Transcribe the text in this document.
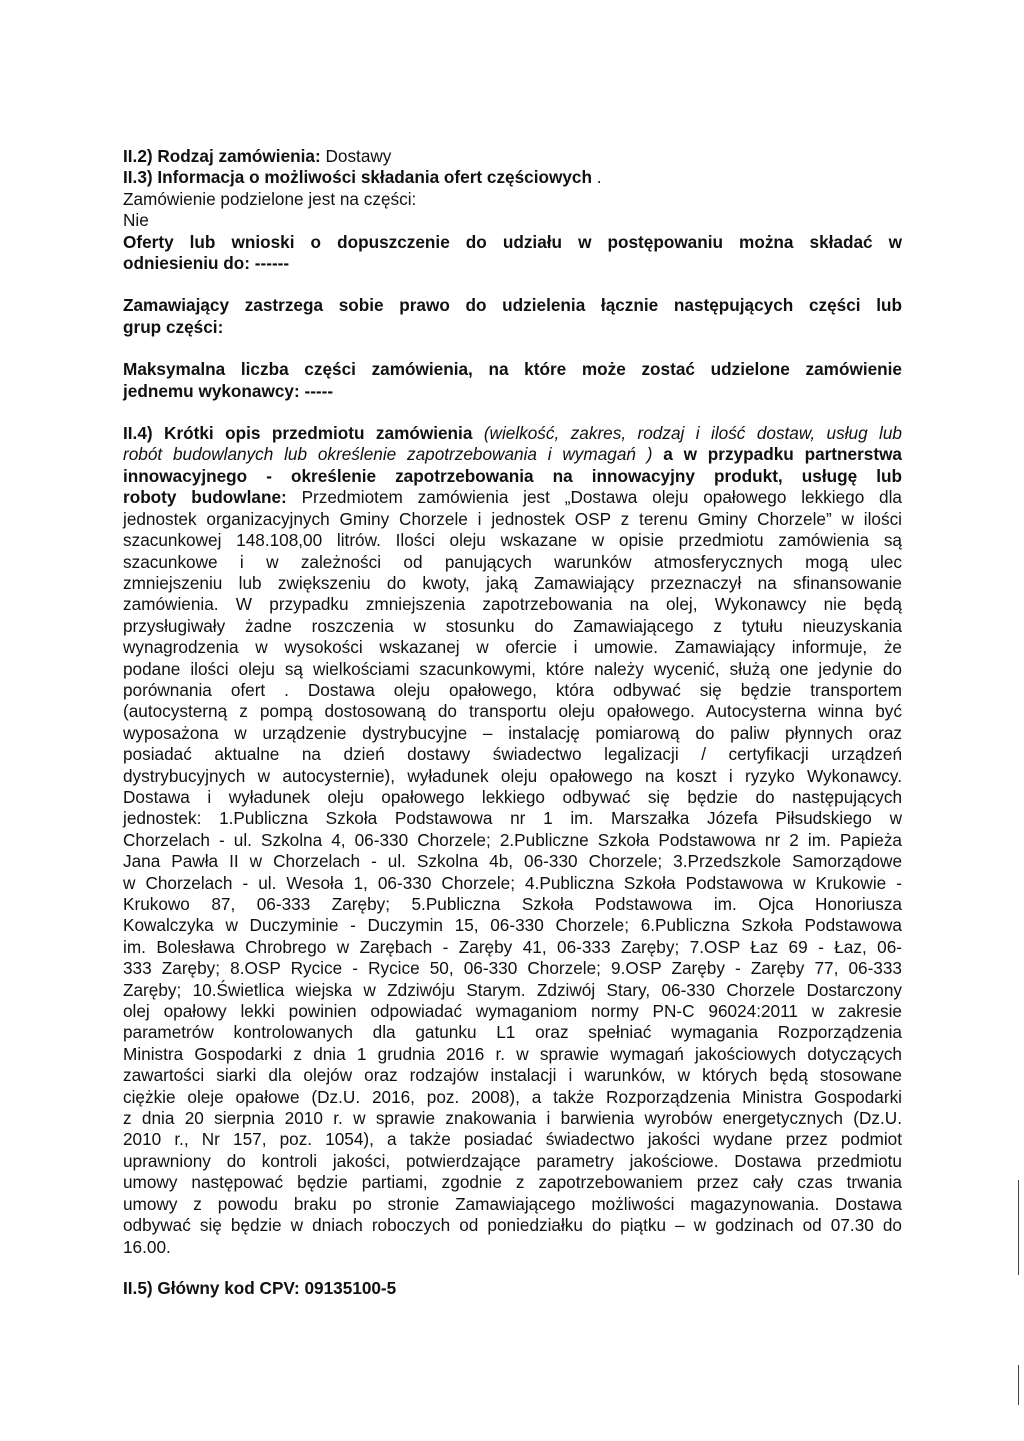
II.2) Rodzaj zamówienia: Dostawy
II.3) Informacja o możliwości składania ofert częściowych .
Zamówienie podzielone jest na części:
Nie
Oferty lub wnioski o dopuszczenie do udziału w postępowaniu można składać w
odniesieniu do: ------
Zamawiający zastrzega sobie prawo do udzielenia łącznie następujących części lub
grup części:
Maksymalna liczba części zamówienia, na które może zostać udzielone zamówienie
jednemu wykonawcy: -----
II.4) Krótki opis przedmiotu zamówienia (wielkość, zakres, rodzaj i ilość dostaw, usług lub
robót budowlanych lub określenie zapotrzebowania i wymagań ) a w przypadku partnerstwa
innowacyjnego - określenie zapotrzebowania na innowacyjny produkt, usługę lub
roboty budowlane: Przedmiotem zamówienia jest „Dostawa oleju opałowego lekkiego dla
jednostek organizacyjnych Gminy Chorzele i jednostek OSP z terenu Gminy Chorzele” w ilości
szacunkowej 148.108,00 litrów. Ilości oleju wskazane w opisie przedmiotu zamówienia są
szacunkowe i w zależności od panujących warunków atmosferycznych mogą ulec
zmniejszeniu lub zwiększeniu do kwoty, jaką Zamawiający przeznaczył na sfinansowanie
zamówienia. W przypadku zmniejszenia zapotrzebowania na olej, Wykonawcy nie będą
przysługiwały żadne roszczenia w stosunku do Zamawiającego z tytułu nieuzyskania
wynagrodzenia w wysokości wskazanej w ofercie i umowie. Zamawiający informuje, że
podane ilości oleju są wielkościami szacunkowymi, które należy wycenić, służą one jedynie do
porównania ofert . Dostawa oleju opałowego, która odbywać się będzie transportem
(autocysterną z pompą dostosowaną do transportu oleju opałowego. Autocysterna winna być
wyposażona w urządzenie dystrybucyjne – instalację pomiarową do paliw płynnych oraz
posiadać aktualne na dzień dostawy świadectwo legalizacji / certyfikacji urządzeń
dystrybucyjnych w autocysternie), wyładunek oleju opałowego na koszt i ryzyko Wykonawcy.
Dostawa i wyładunek oleju opałowego lekkiego odbywać się będzie do następujących
jednostek: 1.Publiczna Szkoła Podstawowa nr 1 im. Marszałka Józefa Piłsudskiego w
Chorzelach - ul. Szkolna 4, 06-330 Chorzele; 2.Publiczne Szkoła Podstawowa nr 2 im. Papieża
Jana Pawła II w Chorzelach - ul. Szkolna 4b, 06-330 Chorzele; 3.Przedszkole Samorządowe
w Chorzelach - ul. Wesoła 1, 06-330 Chorzele; 4.Publiczna Szkoła Podstawowa w Krukowie -
Krukowo 87, 06-333 Zaręby; 5.Publiczna Szkoła Podstawowa im. Ojca Honoriusza
Kowalczyka w Duczyminie - Duczymin 15, 06-330 Chorzele; 6.Publiczna Szkoła Podstawowa
im. Bolesława Chrobrego w Zarębach - Zaręby 41, 06-333 Zaręby; 7.OSP Łaz 69 - Łaz, 06-
333 Zaręby; 8.OSP Rycice - Rycice 50, 06-330 Chorzele; 9.OSP Zaręby - Zaręby 77, 06-333
Zaręby; 10.Świetlica wiejska w Zdziwóju Starym. Zdziwój Stary, 06-330 Chorzele Dostarczony
olej opałowy lekki powinien odpowiadać wymaganiom normy PN-C 96024:2011 w zakresie
parametrów kontrolowanych dla gatunku L1 oraz spełniać wymagania Rozporządzenia
Ministra Gospodarki z dnia 1 grudnia 2016 r. w sprawie wymagań jakościowych dotyczących
zawartości siarki dla olejów oraz rodzajów instalacji i warunków, w których będą stosowane
ciężkie oleje opałowe (Dz.U. 2016, poz. 2008), a także Rozporządzenia Ministra Gospodarki
z dnia 20 sierpnia 2010 r. w sprawie znakowania i barwienia wyrobów energetycznych (Dz.U.
2010 r., Nr 157, poz. 1054), a także posiadać świadectwo jakości wydane przez podmiot
uprawniony do kontroli jakości, potwierdzające parametry jakościowe. Dostawa przedmiotu
umowy następować będzie partiami, zgodnie z zapotrzebowaniem przez cały czas trwania
umowy z powodu braku po stronie Zamawiającego możliwości magazynowania. Dostawa
odbywać się będzie w dniach roboczych od poniedziałku do piątku – w godzinach od 07.30 do
16.00.
II.5) Główny kod CPV: 09135100-5
